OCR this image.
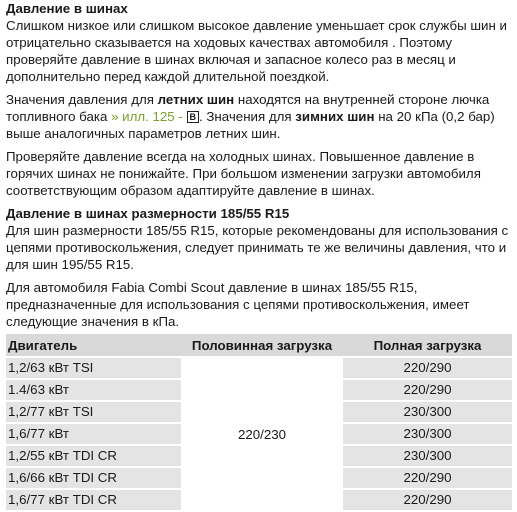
Давление в шинах

Слишком низкое или слишком высокое давление уменьшает срок службы шин и отрицательно сказывается на ходовых качествах автомобиля . Поэтому проверяйте давление в шинах включая и запасное колесо раз в месяц и дополнительно перед каждой длительной поездкой.

Значения давления для летних шин находятся на внутренней стороне лючка топливного бака » илл. 125 - B . Значения для зимних шин на 20 кПа (0,2 бар) выше аналогичных параметров летних шин.

Проверяйте давление всегда на холодных шинах. Повышенное давление в горячих шинах не понижайте. При большом изменении загрузки автомобиля соответствующим образом адаптируйте давление в шинах.

Давление в шинах размерности 185/55 R15

Для шин размерности 185/55 R15, которые рекомендованы для использования с цепями противоскольжения, следует принимать те же величины давления, что и для шин 195/55 R15.

Для автомобиля Fabia Combi Scout давление в шинах 185/55 R15, предназначенные для использования с цепями противоскольжения, имеет следующие значения в кПа.

Двигатель	Половинная загрузка	Полная загрузка
1,2/63 кВт TSI	220/230	220/290
1.4/63 кВт		220/290
1,2/77 кВт TSI		230/300
1,6/77 кВт		230/300
1,2/55 кВт TDI CR		230/300
1,6/66 кВт TDI CR		220/290
1,6/77 кВт TDI CR		220/290
